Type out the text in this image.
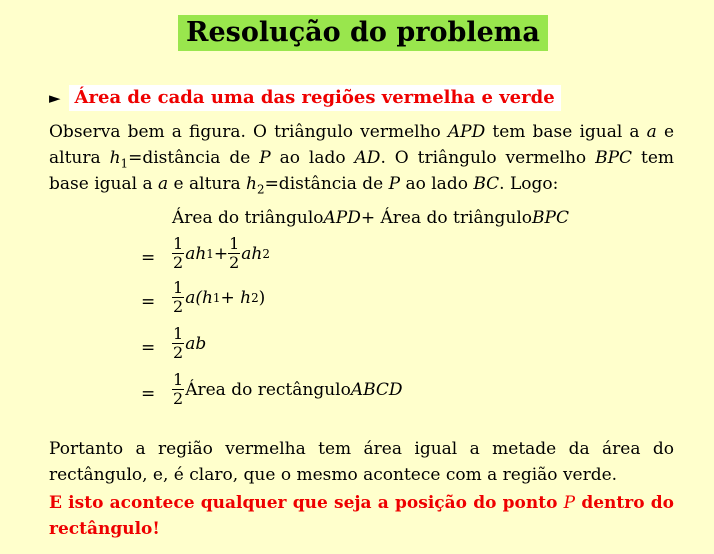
Resolução do problema
► Área de cada uma das regiões vermelha e verde
Observa bem a figura. O triângulo vermelho APD tem base igual a a e altura $h_1=distância$ de P ao lado AD. O triângulo vermelho BPC tem base igual a a e altura $h_2=distância$ de P ao lado BC. Logo:
Área do triângulo APD + Área do triângulo BPC
= $\frac{1}{2}$ ah $1 + \frac{1}{2}$ ah 2
= $\frac{1}{2} a(h$ 1 + h 2 )
= $\frac{1}{2}$ ab
= $\frac{1}{2}$ Área do rectângulo ABCD
Portanto a região vermelha tem área igual a metade da área do rectângulo, e, é claro, que o mesmo acontece com a região verde.
E isto acontece qualquer que seja a posição do ponto P dentro do rectângulo!
